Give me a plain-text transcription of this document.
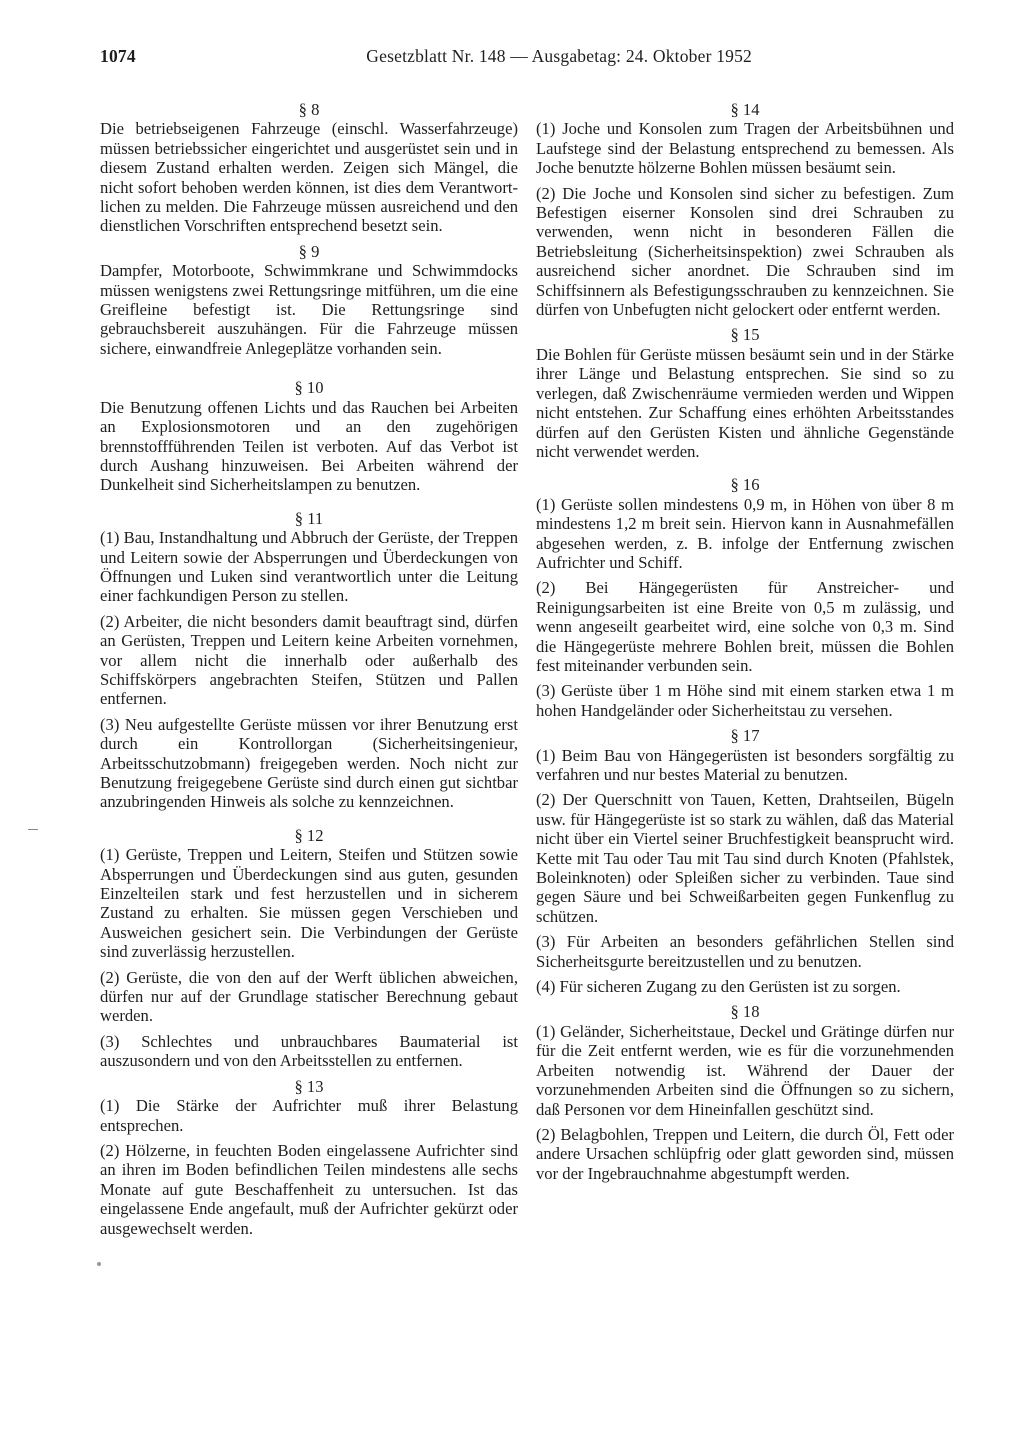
1074	Gesetzblatt Nr. 148 — Ausgabetag: 24. Oktober 1952
§ 8

Die betriebseigenen Fahrzeuge (einschl. Wasserfahrzeuge) müssen betriebssicher eingerichtet und ausgerüstet sein und in diesem Zustand erhalten werden. Zeigen sich Mängel, die nicht sofort behoben werden können, ist dies dem Verantwortlichen zu melden. Die Fahrzeuge müssen ausreichend und den dienstlichen Vorschriften entsprechend besetzt sein.

§ 9

Dampfer, Motorboote, Schwimmkrane und Schwimmdocks müssen wenigstens zwei Rettungsringe mitführen, um die eine Greifleine befestigt ist. Die Rettungsringe sind gebrauchsbereit auszuhängen. Für die Fahrzeuge müssen sichere, einwandfreie Anlegeplätze vorhanden sein.

§ 10

Die Benutzung offenen Lichts und das Rauchen bei Arbeiten an Explosionsmotoren und an den zugehörigen brennstoffführenden Teilen ist verboten. Auf das Verbot ist durch Aushang hinzuweisen. Bei Arbeiten während der Dunkelheit sind Sicherheitslampen zu benutzen.

§ 11

(1) Bau, Instandhaltung und Abbruch der Gerüste, der Treppen und Leitern sowie der Absperrungen und Überdeckungen von Öffnungen und Luken sind verantwortlich unter die Leitung einer fachkundigen Person zu stellen.

(2) Arbeiter, die nicht besonders damit beauftragt sind, dürfen an Gerüsten, Treppen und Leitern keine Arbeiten vornehmen, vor allem nicht die innerhalb oder außerhalb des Schiffskörpers angebrachten Steifen, Stützen und Pallen entfernen.

(3) Neu aufgestellte Gerüste müssen vor ihrer Benutzung erst durch ein Kontrollorgan (Sicherheitsingenieur, Arbeitsschutzobmann) freigegeben werden. Noch nicht zur Benutzung freigegebene Gerüste sind durch einen gut sichtbar anzubringenden Hinweis als solche zu kennzeichnen.

§ 12

(1) Gerüste, Treppen und Leitern, Steifen und Stützen sowie Absperrungen und Überdeckungen sind aus guten, gesunden Einzelteilen stark und fest herzustellen und in sicherem Zustand zu erhalten. Sie müssen gegen Verschieben und Ausweichen gesichert sein. Die Verbindungen der Gerüste sind zuverlässig herzustellen.

(2) Gerüste, die von den auf der Werft üblichen abweichen, dürfen nur auf der Grundlage statischer Berechnung gebaut werden.

(3) Schlechtes und unbrauchbares Baumaterial ist auszusondern und von den Arbeitsstellen zu entfernen.

§ 13

(1) Die Stärke der Aufrichter muß ihrer Belastung entsprechen.

(2) Hölzerne, in feuchten Boden eingelassene Aufrichter sind an ihren im Boden befindlichen Teilen mindestens alle sechs Monate auf gute Beschaffenheit zu untersuchen. Ist das eingelassene Ende angefault, muß der Aufrichter gekürzt oder ausgewechselt werden.

§ 14

(1) Joche und Konsolen zum Tragen der Arbeitsbühnen und Laufstege sind der Belastung entsprechend zu bemessen. Als Joche benutzte hölzerne Bohlen müssen besäumt sein.

(2) Die Joche und Konsolen sind sicher zu befestigen. Zum Befestigen eiserner Konsolen sind drei Schrauben zu verwenden, wenn nicht in besonderen Fällen die Betriebsleitung (Sicherheitsinspektion) zwei Schrauben als ausreichend sicher anordnet. Die Schrauben sind im Schiffsinnern als Befestigungsschrauben zu kennzeichnen. Sie dürfen von Unbefugten nicht gelockert oder entfernt werden.

§ 15

Die Bohlen für Gerüste müssen besäumt sein und in der Stärke ihrer Länge und Belastung entsprechen. Sie sind so zu verlegen, daß Zwischenräume vermieden werden und Wippen nicht entstehen. Zur Schaffung eines erhöhten Arbeitsstandes dürfen auf den Gerüsten Kisten und ähnliche Gegenstände nicht verwendet werden.

§ 16

(1) Gerüste sollen mindestens 0,9 m, in Höhen von über 8 m mindestens 1,2 m breit sein. Hiervon kann in Ausnahmefällen abgesehen werden, z. B. infolge der Entfernung zwischen Aufrichter und Schiff.

(2) Bei Hängegerüsten für Anstreicher- und Reinigungsarbeiten ist eine Breite von 0,5 m zulässig, und wenn angeseilt gearbeitet wird, eine solche von 0,3 m. Sind die Hängegerüste mehrere Bohlen breit, müssen die Bohlen fest miteinander verbunden sein.

(3) Gerüste über 1 m Höhe sind mit einem starken etwa 1 m hohen Handgeländer oder Sicherheitstau zu versehen.

§ 17

(1) Beim Bau von Hängegerüsten ist besonders sorgfältig zu verfahren und nur bestes Material zu benutzen.

(2) Der Querschnitt von Tauen, Ketten, Drahtseilen, Bügeln usw. für Hängegerüste ist so stark zu wählen, daß das Material nicht über ein Viertel seiner Bruchfestigkeit beansprucht wird. Kette mit Tau oder Tau mit Tau sind durch Knoten (Pfahlstek, Boleinknoten) oder Spleißen sicher zu verbinden. Taue sind gegen Säure und bei Schweißarbeiten gegen Funkenflug zu schützen.

(3) Für Arbeiten an besonders gefährlichen Stellen sind Sicherheitsgurte bereitzustellen und zu benutzen.

(4) Für sicheren Zugang zu den Gerüsten ist zu sorgen.

§ 18

(1) Geländer, Sicherheitstaue, Deckel und Grätinge dürfen nur für die Zeit entfernt werden, wie es für die vorzunehmenden Arbeiten notwendig ist. Während der Dauer der vorzunehmenden Arbeiten sind die Öffnungen so zu sichern, daß Personen vor dem Hineinfallen geschützt sind.

(2) Belagbohlen, Treppen und Leitern, die durch Öl, Fett oder andere Ursachen schlüpfrig oder glatt geworden sind, müssen vor der Ingebrauchnahme abgestumpft werden.
